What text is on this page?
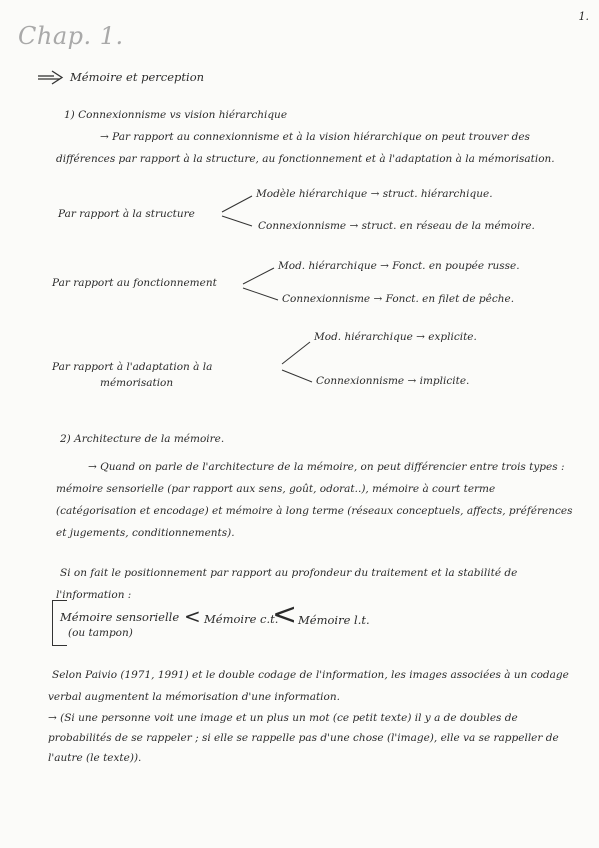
1.
Chap. 1.
Mémoire et perception
1) Connexionnisme vs vision hiérarchique
→ Par rapport au connexionnisme et à la vision hiérarchique on peut trouver des différences par rapport à la structure, au fonctionnement et à l'adaptation à la mémorisation.
Par rapport à la structure
Modèle hiérarchique → struct. hiérarchique.
Connexionnisme → struct. en réseau de la mémoire.
Par rapport au fonctionnement
Mod. hiérarchique → Fonct. en poupée russe.
Connexionnisme → Fonct. en filet de pêche.
Par rapport à l'adaptation à la
mémorisation
Mod. hiérarchique → explicite.
Connexionnisme → implicite.
2) Architecture de la mémoire.
→ Quand on parle de l'architecture de la mémoire, on peut différencier entre trois types : mémoire sensorielle (par rapport aux sens, goût, odorat..), mémoire à court terme (catégorisation et encodage) et mémoire à long terme (réseaux conceptuels, affects, préférences et jugements, conditionnements).
Si on fait le positionnement par rapport au profondeur du traitement et la stabilité de l'information :
Mémoire sensorielle
(ou tampon)
< Mémoire c.t.
< Mémoire l.t.
Selon Paivio (1971, 1991) et le double codage de l'information, les images associées à un codage verbal augmentent la mémorisation d'une information.
→ (Si une personne voit une image et un plus un mot (ce petit texte) il y a de doubles de probabilités de se rappeler ; si elle se rappelle pas d'une chose (l'image), elle va se rappeller de l'autre (le texte)).
